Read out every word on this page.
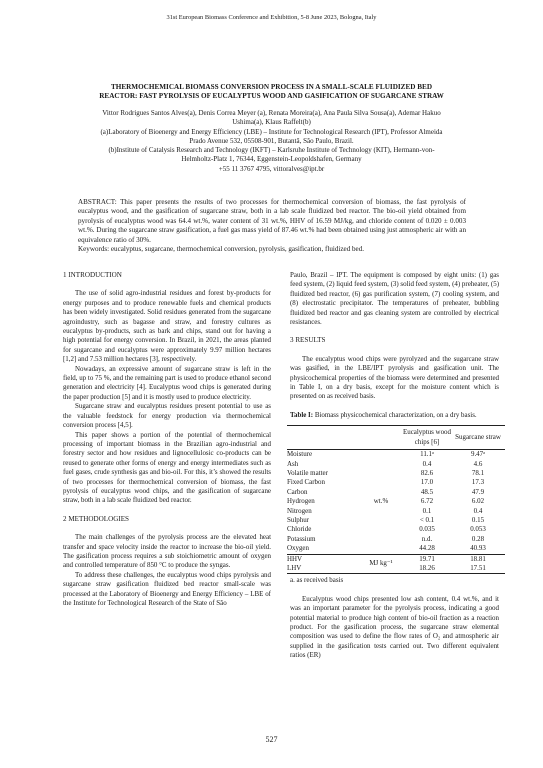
31st European Biomass Conference and Exhibition, 5-8 June 2023, Bologna, Italy
THERMOCHEMICAL BIOMASS CONVERSION PROCESS IN A SMALL-SCALE FLUIDIZED BED
REACTOR: FAST PYROLYSIS OF EUCALYPTUS WOOD AND GASIFICATION OF SUGARCANE STRAW
Vittor Rodrigues Santos Alves(a), Denis Correa Meyer (a), Renata Moreira(a), Ana Paula Silva Sousa(a), Ademar Hakuo
Ushima(a), Klaus Raffelt(b)
(a)Laboratory of Bioenergy and Energy Efficiency (LBE) – Institute for Technological Research (IPT), Professor Almeida
Prado Avenue 532, 05508-901, Butantã, São Paulo, Brazil.
(b)Institute of Catalysis Research and Technology (IKFT) – Karlsruhe Institute of Technology (KIT), Hermann-von-
Helmholtz-Platz 1, 76344, Eggenstein-Leopoldshafen, Germany
+55 11 3767 4795, vittoralves@ipt.br

ABSTRACT: This paper presents the results of two processes for thermochemical conversion of biomass, the fast pyrolysis of eucalyptus wood, and the gasification of sugarcane straw, both in a lab scale fluidized bed reactor. The bio-oil yield obtained from pyrolysis of eucalyptus wood was 64.4 wt.%, water content of 31 wt.%, HHV of 16.59 MJ/kg, and chloride content of 0.020 ± 0.003 wt.%. During the sugarcane straw gasification, a fuel gas mass yield of 87.46 wt.% had been obtained using just atmospheric air with an equivalence ratio of 30%.

Keywords: eucalyptus, sugarcane, thermochemical conversion, pyrolysis, gasification, fluidized bed.

1 INTRODUCTION

The use of solid agro-industrial residues and forest by-products for energy purposes and to produce renewable fuels and chemical products has been widely investigated. Solid residues generated from the sugarcane agroindustry, such as bagasse and straw, and forestry cultures as eucalyptus by-products, such as bark and chips, stand out for having a high potential for energy conversion. In Brazil, in 2021, the areas planted for sugarcane and eucalyptus were approximately 9.97 million hectares [1,2] and 7.53 million hectares [3], respectively.

Nowadays, an expressive amount of sugarcane straw is left in the field, up to 75 %, and the remaining part is used to produce ethanol second generation and electricity [4]. Eucalyptus wood chips is generated during the paper production [5] and it is mostly used to produce electricity.

Sugarcane straw and eucalyptus residues present potential to use as the valuable feedstock for energy production via thermochemical conversion process [4,5].

This paper shows a portion of the potential of thermochemical processing of important biomass in the Brazilian agro-industrial and forestry sector and how residues and lignocellulosic co-products can be reused to generate other forms of energy and energy intermediates such as fuel gases, crude synthesis gas and bio-oil. For this, it’s showed the results of two processes for thermochemical conversion of biomass, the fast pyrolysis of eucalyptus wood chips, and the gasification of sugarcane straw, both in a lab scale fluidized bed reactor.

2 METHODOLOGIES

The main challenges of the pyrolysis process are the elevated heat transfer and space velocity inside the reactor to increase the bio-oil yield. The gasification process requires a sub stoichiometric amount of oxygen and controlled temperature of 850 °C to produce the syngas.

To address these challenges, the eucalyptus wood chips pyrolysis and sugarcane straw gasification fluidized bed reactor small-scale was processed at the Laboratory of Bioenergy and Energy Efficiency – LBE of the Institute for Technological Research of the State of São

Paulo, Brazil – IPT. The equipment is composed by eight units: (1) gas feed system, (2) liquid feed system, (3) solid feed system, (4) preheater, (5) fluidized bed reactor, (6) gas purification system, (7) cooling system, and (8) electrostatic precipitator. The temperatures of preheater, bubbling fluidized bed reactor and gas cleaning system are controlled by electrical resistances.

3 RESULTS

The eucalyptus wood chips were pyrolyzed and the sugarcane straw was gasified, in the LBE/IPT pyrolysis and gasification unit. The physicochemical properties of the biomass were determined and presented in Table I, on a dry basis, except for the moisture content which is presented on as received basis.

Table I: Biomass physicochemical characterization, on a dry basis.

		Eucalyptus wood chips [6]	Sugarcane straw
Moisture		11.1ᵃ	9.47ᵃ
Ash		0.4	4.6
Volatile matter		82.6	78.1
Fixed Carbon		17.0	17.3
Carbon		48.5	47.9
Hydrogen	wt.%	6.72	6.02
Nitrogen		0.1	0.4
Sulphur		< 0.1	0.15
Chloride		0.035	0.053
Potassium		n.d.	0.28
Oxygen		44.28	40.93
HHV	MJ kg⁻¹	19.71	18.81
LHV		18.26	17.51

a. as received basis

Eucalyptus wood chips presented low ash content, 0.4 wt.%, and it was an important parameter for the pyrolysis process, indicating a good potential material to produce high content of bio-oil fraction as a reaction product. For the gasification process, the sugarcane straw elemental composition was used to define the flow rates of O₂ and atmospheric air supplied in the gasification tests carried out. Two different equivalent ratios (ER)

527
